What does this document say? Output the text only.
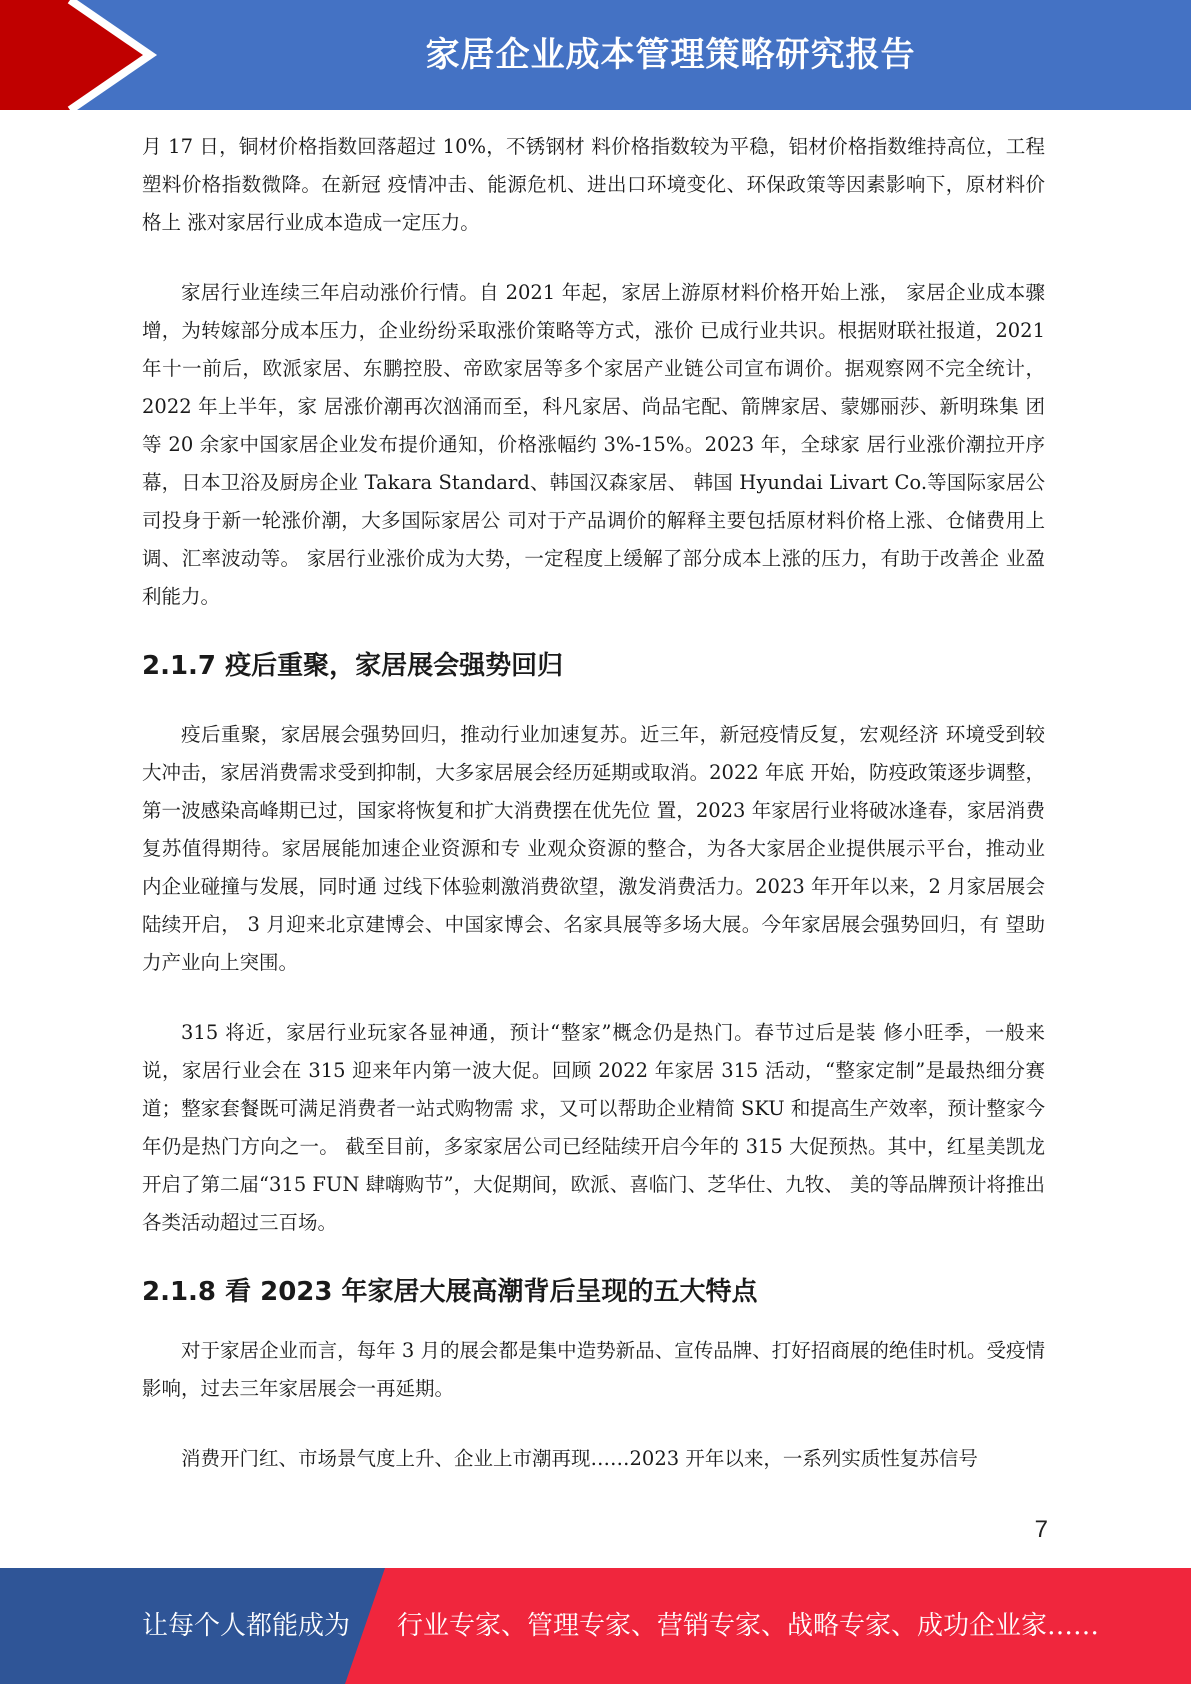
家居企业成本管理策略研究报告

月 17 日，铜材价格指数回落超过 10%，不锈钢材 料价格指数较为平稳，铝材价格指数维持高位，工程塑料价格指数微降。在新冠 疫情冲击、能源危机、进出口环境变化、环保政策等因素影响下，原材料价格上 涨对家居行业成本造成一定压力。

家居行业连续三年启动涨价行情。自 2021 年起，家居上游原材料价格开始上涨， 家居企业成本骤增，为转嫁部分成本压力，企业纷纷采取涨价策略等方式，涨价 已成行业共识。根据财联社报道，2021 年十一前后，欧派家居、东鹏控股、帝欧家居等多个家居产业链公司宣布调价。据观察网不完全统计，2022 年上半年，家 居涨价潮再次汹涌而至，科凡家居、尚品宅配、箭牌家居、蒙娜丽莎、新明珠集 团等 20 余家中国家居企业发布提价通知，价格涨幅约 3%-15%。2023 年，全球家 居行业涨价潮拉开序幕，日本卫浴及厨房企业 Takara Standard、韩国汉森家居、 韩国 Hyundai Livart Co.等国际家居公司投身于新一轮涨价潮，大多国际家居公 司对于产品调价的解释主要包括原材料价格上涨、仓储费用上调、汇率波动等。 家居行业涨价成为大势，一定程度上缓解了部分成本上涨的压力，有助于改善企 业盈利能力。

2.1.7 疫后重聚，家居展会强势回归

疫后重聚，家居展会强势回归，推动行业加速复苏。近三年，新冠疫情反复，宏观经济 环境受到较大冲击，家居消费需求受到抑制，大多家居展会经历延期或取消。2022 年底 开始，防疫政策逐步调整，第一波感染高峰期已过，国家将恢复和扩大消费摆在优先位 置，2023 年家居行业将破冰逢春，家居消费复苏值得期待。家居展能加速企业资源和专 业观众资源的整合，为各大家居企业提供展示平台，推动业内企业碰撞与发展，同时通 过线下体验刺激消费欲望，激发消费活力。2023 年开年以来，2 月家居展会陆续开启， 3 月迎来北京建博会、中国家博会、名家具展等多场大展。今年家居展会强势回归，有 望助力产业向上突围。

315 将近，家居行业玩家各显神通，预计“整家”概念仍是热门。春节过后是装 修小旺季，一般来说，家居行业会在 315 迎来年内第一波大促。回顾 2022 年家居 315 活动，“整家定制”是最热细分赛道；整家套餐既可满足消费者一站式购物需 求，又可以帮助企业精简 SKU 和提高生产效率，预计整家今年仍是热门方向之一。 截至目前，多家家居公司已经陆续开启今年的 315 大促预热。其中，红星美凯龙 开启了第二届“315 FUN 肆嗨购节”，大促期间，欧派、喜临门、芝华仕、九牧、 美的等品牌预计将推出各类活动超过三百场。

2.1.8 看 2023 年家居大展高潮背后呈现的五大特点

对于家居企业而言，每年 3 月的展会都是集中造势新品、宣传品牌、打好招商展的绝佳时机。受疫情影响，过去三年家居展会一再延期。

消费开门红、市场景气度上升、企业上市潮再现……2023 开年以来，一系列实质性复苏信号

7
让每个人都能成为 行业专家、管理专家、营销专家、战略专家、成功企业家……
